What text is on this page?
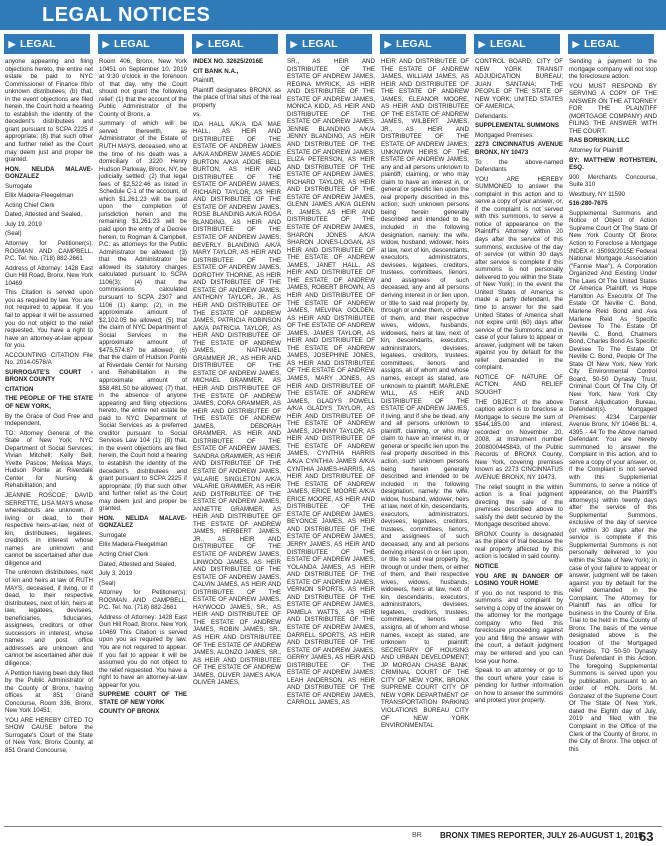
LEGAL NOTICES
▶ LEGAL	▶ LEGAL	▶ LEGAL	▶ LEGAL	▶ LEGAL	▶ LEGAL	▶ LEGAL

anyone appearing and filing objections hereto, the entire net estate be paid to NYC Commissioner of Finance f/b/o unknown distributees; (b) that, in the event objections are filed herein, the Court hold a hearing to establish the identity of the decedent's distributees and grant pursuant to SCPA 2225 if appropriate; (8) that such other and further relief as the Court may deem just and proper be granted.

HON. NELIDA MALAVE-GONZALEZ

Surrogate

Ellix Madera-Fleegelman

Acting Chief Clerk

Dated, Attested and Sealed,

July 19, 2019

(Seal)

Attorney for Petitioner(s): ROGMAN AND CAMPBELL, P.C. Tel. No. (718) 882-2661

Address of Attorney: 1428 East Gun Hill Road, Bronx, New York 10469

This Citation is served upon you as required by law. You are not required to appear. If you fail to appear it will be assumed you do not object to the relief requested. You have a right to have an attorney-at-law appear for you.

ACCOUNTING CITATION File No. 2014-0578/A

SURROGATE'S COURT - BRONX COUNTY

CITATION

THE PEOPLE OF THE STATE OF NEW YORK,

By the Grace of God Free and Independent,

TO: Attorney General of the State of New York; NYC Department of Social Services; Vivian Mitchell; Kelly Bell; Yvette Pascoe; Melissa Mays; Hudson Pointe at Riverdale Center for Nursing & Rehabilitation; and

JEANNIE ROSCOE; DAVID SERRETTE, LISA MAYS whose whereabouts are unknown, if living or dead, to their respective heirs-at-law, next of kin, distributees, legatees, creditors in interest whose names are unknown and cannot be ascertained after due diligence and

The unknown distributees, next of kin and heirs at law of RUTH MAYS, deceased, if living, or if dead, to their respective distributees, next of kin, heirs at law, legatees, devisees, beneficiaries, fiduciaries, assignees, creditors or other successors in interest, whose names and post office addresses are unknown and cannot be ascertained after due diligence;

A Petition having been duly filed by the Public Administrator of the County of Bronx, having offices at 851 Grand Concourse, Room 336, Bronx, New York 10451;

YOU ARE HEREBY CITED TO SHOW CAUSE before the Surrogate's Court of the State of New York, Bronx County, at 851 Grand Concourse,

Room 406, Bronx, New York 10451 on September 10, 2019 at 9:30 o'clock in the forenoon of that day, why the Court should not grant the following relief: (1) that the account of the Public Administrator of the County of Bronx, a

summary of which will be served therewith, as Administrator of the Estate of RUTH MAYS, deceased, who at the time of his death was a domiciliary of 3220 Henry Hudson Parkway, Bronx, NY, be judicially settled; (2) that legal fees of $2,522.46 as listed in Schedule C-1 of the account, of which $1,261.23 will be paid upon the completion of jurisdiction herein and the remaining $1,261.23 will be paid upon the entry of a Decree herein, to Rogman & Campbell, P.C. as attorneys for the Public Administrator be allowed; (3) that the Administrator be allowed its statutory charges calculated pursuant to SCPA 1106(3); (4) that the commissions calculated pursuant to SCPA 2307 and 1106 (1) &amp; (2), in the approximate amount of $2,102.05 be allowed; (5) that the claim of NYC Department of Social Services in the approximate amount of $475,574.87 be allowed; (6) that the claim of Hudson Pointe at Riverdale Center for Nursing and Rehabilitation in the approximate amount of $58,481.50 be allowed; (7) that, in the absence of anyone appearing and filing objections hereto, the entire net estate be paid to NYC Department of Social Services as a preferred creditor pursuant to Social Services Law 104 (1); (8) that, in the event objections are filed herein, the Court hold a hearing to establish the identity of the decedent's distributees and grant pursuant to SCPA 2225 if appropriate; (9) that such other and further relief as the Court may deem just and proper be granted.

HON. NELIDA MALAVE-GONZALEZ

Surrogate

Ellix Madera-Fleegelman

Acting Chief Clerk

Dated, Attested and Sealed,

July 3, 2019

(Seal)

Attorney for Petitioner(s): ROGMAN AND CAMPBELL, P.C. Tel. No. (718) 882-2661

Address of Attorney: 1428 East Gun Hill Road, Bronx, New York 10469 This Citation is served upon you as required by law. You are not required to appear. If you fail to appear it will be assumed you do not object to the relief requested. You have a right to have an attorney-at-law appear for you.

SUPREME COURT OF THE STATE OF NEW YORK

COUNTY OF BRONX

INDEX NO. 32625/2016E

CIT BANK N.A.,

Plaintiff,

Plaintiff designates BRONX as the place of trial situs of the real property

vs.

IDA HALL A/K/A IDA MAE HALL, AS HEIR AND DISTRIBUTEE OF THE ESTATE OF ANDREW JAMES A/K/A ANDREW JAMES ADDIE BURTON A/K/A ADDIE BELL BURTON, AS HEIR AND DISTRIBUTEE OF THE ESTATE OF ANDREW JAMES, RICHARD TAYLOR, AS HEIR AND DISTRIBUTEE OF THE ESTATE OF ANDREW JAMES, ROSE BLANDING A/K/A ROSA BLANDING, AS HEIR AND DISTRIBUTEE OF THE ESTATE OF ANDREW JAMES; BEVERLY BLANDING A/K/A MARY TAYLOR, AS HEIR AND DISTRIBUTEE OF THE ESTATE OF ANDREW JAMES, DOROTHY THORNE, AS HEIR AND DISTRIBUTEE OF THE ESTATE OF ANDREW JAMES, ANTHONY TAYLOR, JR., AS HEIR AND DISTRIBUTEE OF THE ESTATE OF ANDREW JAMES, PATRICIA ROBINSON A/K/A PATRICIA TAYLOR, AS HEIR AND DISTRIBUTEE OF THE ESTATE OF ANDREW JAMES, NATHANIEL GRAMMER JR., AS HEIR AND DISTRIBUTEE OF THE ESTATE OF ANDREW JAMES, MICHAEL GRAMMER, AS HEIR AND DISTRIBUTEE OF THE ESTATE OF ANDREW JAMES, CORA GRAMMER, AS HEIR AND DISTRIBUTEE OF THE ESTATE OF ANDREW JAMES, DEBORAH GRAMMER, AS HEIR AND DISTRIBUTEE OF THE ESTATE OF ANDREW JAMES, SANDRA GRAMMER, AS HEIR AND DISTRIBUTEE OF THE ESTATE OF ANDREW JAMES, VALARIE SINGLETON A/K/A VALARIE GRAMMER, AS HEIR AND DISTRIBUTEE OF THE ESTATE OF ANDREW JAMES, ANNETTE GRAMMER, AS HEIR AND DISTRIBUTEE OF THE ESTATE OF ANDREW JAMES, HERBERT JAMES, JR., AS HEIR AND DISTRIBUTEE OF THE ESTATE OF ANDREW JAMES, LINWOOD JAMES, AS HEIR AND DISTRIBUTEE OF THE ESTATE OF ANDREW JAMES, CALVIN JAMES, AS HEIR AND DISTRIBUTEE OF THE ESTATE OF ANDREW JAMES, HAYWOOD JAMES, SR., AS HEIR AND DISTRIBUTEE OF THE ESTATE OF ANDREW JAMES, ROBIN JAMES, SR., AS HEIR AND DISTRIBUTEE OF THE ESTATE OF ANDREW JAMES, ALONZO JAMES, SR., AS HEIR AND DISTRIBUTEE OF THE ESTATE OF ANDREW JAMES, OLIVER JAMES A/K/A OLIVER JAMES,

SR., AS HEIR AND DISTRIBUTEE OF THE ESTATE OF ANDREW JAMES, REGINA MYRICK, AS HEIR AND DISTRIBUTEE OF THE ESTATE OF ANDREW JAMES, MONICA KIDD, AS HEIR AND DISTRIBUTEE OF THE ESTATE OF ANDREW JAMES, JENNIE BLANDING A/K/A JENNY BLANDING, AS HEIR AND DISTRIBUTEE OF THE ESTATE OF ANDREW JAMES, ELIZA PETERSON, AS HEIR AND DISTRIBUTEE OF THE ESTATE OF ANDREW JAMES, RICHARD TAYLOR, AS HEIR AND DISTRIBUTEE OF THE ESTATE OF ANDREW JAMES, GLENN JAMES A/K/A GLENN R. JAMES, AS HEIR AND DISTRIBUTEE OF THE ESTATE OF ANDREW JAMES, SHARON JONES A/K/A SHARON JONES-LOGAN, AS HEIR AND DISTRIBUTEE OF THE ESTATE OF ANDREW JAMES, JANET HALL, AS HEIR AND DISTRIBUTEE OF THE ESTATE OF ANDREW JAMES, ROBERT BROWN, AS HEIR AND DISTRIBUTEE OF THE ESTATE OF ANDREW JAMES, MELVINA GOLDEN, AS HEIR AND DISTRIBUTEE OF THE ESTATE OF ANDREW JAMES, JAMES TAYLOR, AS HEIR AND DISTRIBUTEE OF THE ESTATE OF ANDREW JAMES, JOSEPHINE JONES, AS HEIR AND DISTRIBUTEE OF THE ESTATE OF ANDREW JAMES, MARY JONES, AS HEIR AND DISTRIBUTEE OF THE ESTATE OF ANDREW JAMES, GLADYS POWELL A/K/A GLADYS TAYLOR, AS HEIR AND DISTRIBUTEE OF THE ESTATE OF ANDREW JAMES, JOHNNY TAYLOR, AS HEIR AND DISTRIBUTEE OF THE ESTATE OF ANDREW JAMES, CYNTHIA HARRIS A/K/A CYNTHIA JAMES A/K/A CYNTHIA JAMES-HARRIS, AS HEIR AND DISTRIBUTEE OF THE ESTATE OF ANDREW JAMES, ERICE MOORE A/K/A ERICE MOORE, AS HEIR AND DISTRIBUTEE OF THE ESTATE OF ANDREW JAMES, BEYONCE JAMES, AS HEIR AND DISTRIBUTEE OF THE ESTATE OF ANDREW JAMES, JERRY JAMES, AS HEIR AND DISTRIBUTEE OF THE ESTATE OF ANDREW JAMES, YOLANDA JAMES, AS HEIR AND DISTRIBUTEE OF THE ESTATE OF ANDREW JAMES, VERNON SPORTS, AS HEIR AND DISTRIBUTEE OF THE ESTATE OF ANDREW JAMES, PAMELA WATTS, AS HEIR AND DISTRIBUTEE OF THE ESTATE OF ANDREW JAMES, DARRELL SPORTS, AS HEIR AND DISTRIBUTEE OF THE ESTATE OF ANDREW JAMES, GERRY JAMES, AS HEIR AND DISTRIBUTEE OF THE ESTATE OF ANDREW JAMES, LEAH ANDERSON, AS HEIR AND DISTRIBUTEE OF THE ESTATE OF ANDREW JAMES, CARROLL JAMES, AS

HEIR AND DISTRIBUTEE OF THE ESTATE OF ANDREW JAMES, WILLIAM JAMES, AS HEIR AND DISTRIBUTEE OF THE ESTATE OF ANDREW JAMES, ELEANOR MOORE, AS HEIR AND DISTRIBUTEE OF THE ESTATE OF ANDREW JAMES, WILBERT JAMES, JR., AS HEIR AND DISTRIBUTEE OF THE ESTATE OF ANDREW JAMES; UNKNOWN HEIRS OF THE ESTATE OF ANDREW JAMES; any and all persons unknown to plaintiff, claiming, or who may claim to have an interest in, or general or specific lien upon the real property described in this action; such unknown persons being herein generally described and intended to be included in the following designation, namely: the wife, widow, husband, widower, heirs at law, next of kin, descendants, executors, administrators, devisees, legatees, creditors, trustees, committees, lienors, and assignees of such deceased, any and all persons deriving interest in or lien upon, or title to said real property by, through or under them, or either of them, and their respective wives, widows, husbands, widowers, heirs at law, next of kin, descendants, executors, administrators, devisees, legatees, creditors, trustees, committees, lienors and assigns, all of whom and whose names, except as stated, are unknown to plaintiff; MARLENE WILL, AS HEIR AND DISTRIBUTEE OF THE ESTATE OF ANDREW JAMES, if living, and if she be dead, any and all persons unknown to plaintiff, claiming, or who may claim to have an interest in, or general or specific lien upon the real property described in this action; such unknown persons being herein generally described and intended to be included in the following designation, namely: the wife, widow, husband, widower, heirs at law, next of kin, descendants, executors, administrators, devisees, legatees, creditors, trustees, committees, lienors, and assignees of such deceased, any and all persons deriving interest in or lien upon, or title to said real property by, through or under them, or either of them, and their respective wives, widows, husbands, widowers, heirs at law, next of kin, descendants, executors, administrators, devisees, legatees, creditors, trustees, committees, lienors and assigns, all of whom and whose names, except as stated, are unknown to plaintiff; SECRETARY OF HOUSING AND URBAN DEVELOPMENT; JP MORGAN CHASE BANK; CRIMINAL COURT OF THE CITY OF NEW YORK, BRONX SUPREME COURT CITY OF NEW YORK DEPARTMENT OF TRANSPORTATION PARKING VIOLATIONS BUREAU CITY OF NEW YORK ENVIRONMENTAL

CONTROL BOARD; CITY OF NEW YORK TRANSIT ADJUDICATION BUREAU; JUAN SANTANA; THE PEOPLE OF THE STATE OF NEW YORK; UNITED STATES OF AMERICA;

Defendants.

SUPPLEMENTAL SUMMONS

Mortgaged Premises:

2273 CINCINNATUS AVENUE BRONX, NY 10473

To the above-named Defendants

YOU ARE HEREBY SUMMONED to answer the complaint in this action and to serve a copy of your answer, or, if the complaint is not served with this summons, to serve a notice of appearance on the Plaintiff's Attorney within 20 days after the service of this summons, exclusive of the day of service (or within 30 days after service is complete if this summons is not personally delivered to you within the State of New York); in the event the United States of America is made a party defendant, the time to answer for the said United States of America shall not expire until (60) days after service of the Summons; and in case of your failure to appear or answer, judgment will be taken against you by default for the relief demanded in the complaint.

NOTICE OF NATURE OF ACTION AND RELIEF SOUGHT

THE OBJECT of the above caption action is to foreclose a Mortgage to secure the sum of $544,185.00 and interest, recorded on November 20, 2008, at Instrument number 2008000445843, of the Public Records of BRONX County, New York, covering premises known as 2273 CINCINNATUS AVENUE BRONX, NY 10473.

The relief sought in the within action is a final judgment directing the sale of the premises described above to satisfy the debt secured by the Mortgage described above.

BRONX County is designated as the place of trial because the real property affected by this action is located in said county.

NOTICE

YOU ARE IN DANGER OF LOSING YOUR HOME

If you do not respond to this summons and complaint by serving a copy of the answer on the attorney for the mortgage company who filed this foreclosure proceeding against you and filing the answer with the court, a default judgment may be entered and you can lose your home.

Speak to an attorney or go to the court where your case is pending for further information on how to answer the summons and protect your property.

Sending a payment to the mortgage company will not stop the foreclosure action.

YOU MUST RESPOND BY SERVING A COPY OF THE ANSWER ON THE ATTORNEY FOR THE PLAINTIFF (MORTGAGE COMPANY) AND FILING THE ANSWER WITH THE COURT.

RAS BORISKIN, LLC

Attorney for Plaintiff

BY: MATTHEW ROTHSTEIN, ESQ.

900 Merchants Concourse, Suite 310

Westbury, NY 11590

516-280-7675

Supplemental Summons and Notice of Object of Action Supreme Court Of The State Of New York County Of Bronx Action to Foreclose a Mortgage INDEX #: 35093/2015E Federal National Mortgage Association ("Fannie Mae"), A Corporation Organized And Existing Under The Laws Of The United States Of America Plaintiff, vs Hope Hamilton As Executrix Of The Estate Of Neville C. Bond, Marlene Reid Bond and Ava Marlene Reid As Specific Devisee To The Estate Of Neville C. Bond, Chalmers Bond, Charles Bond As Specific Devisee To The Estate Of Neville C. Bond, People Of The State Of New York, New York City Environmental Control Board, 50-50 Dynasty Trust, Criminal Court Of The City Of New York, New York City Transit Adjudication Bureau, Defendant(s). Mortgaged Premises: 4234 Carpenter Avenue Bronx, NY 10466 BL: 4, 4395 - 44 To the Above named Defendant: You are hereby summoned to answer the Complaint in this action, and to serve a copy of your answer, or, if the Complaint is not served with this Supplemental Summons, to serve a notice of appearance, on the Plaintiff's attorney(s) within twenty days after the service of this Supplemental Summons, exclusive of the day of service (or within 30 days after the service is complete if this Supplemental Summons is not personally delivered to you within the State of New York); in case of your failure to appear or answer, judgment will be taken against you by default for the relief demanded in the Complaint. The Attorney for Plaintiff has an office for business in the County of Erie. Trial to be held in the County of Bronx. The basis of the venue designated above is the location of the Mortgaged Premises. TO 50-50 Dynasty Trust Defendant in this Action. The foregoing Supplemental Summons is served upon you by publication, pursuant to an order of HON. Doris M. Gonzalez of the Supreme Court Of The State Of New York, dated the Eighth day of July, 2019 and filed with the Complaint in the Office of the Clerk of the County of Bronx, in the City of Bronx. The object of this

BR BRONX TIMES REPORTER, JULY 26-AUGUST 1, 2019
63
